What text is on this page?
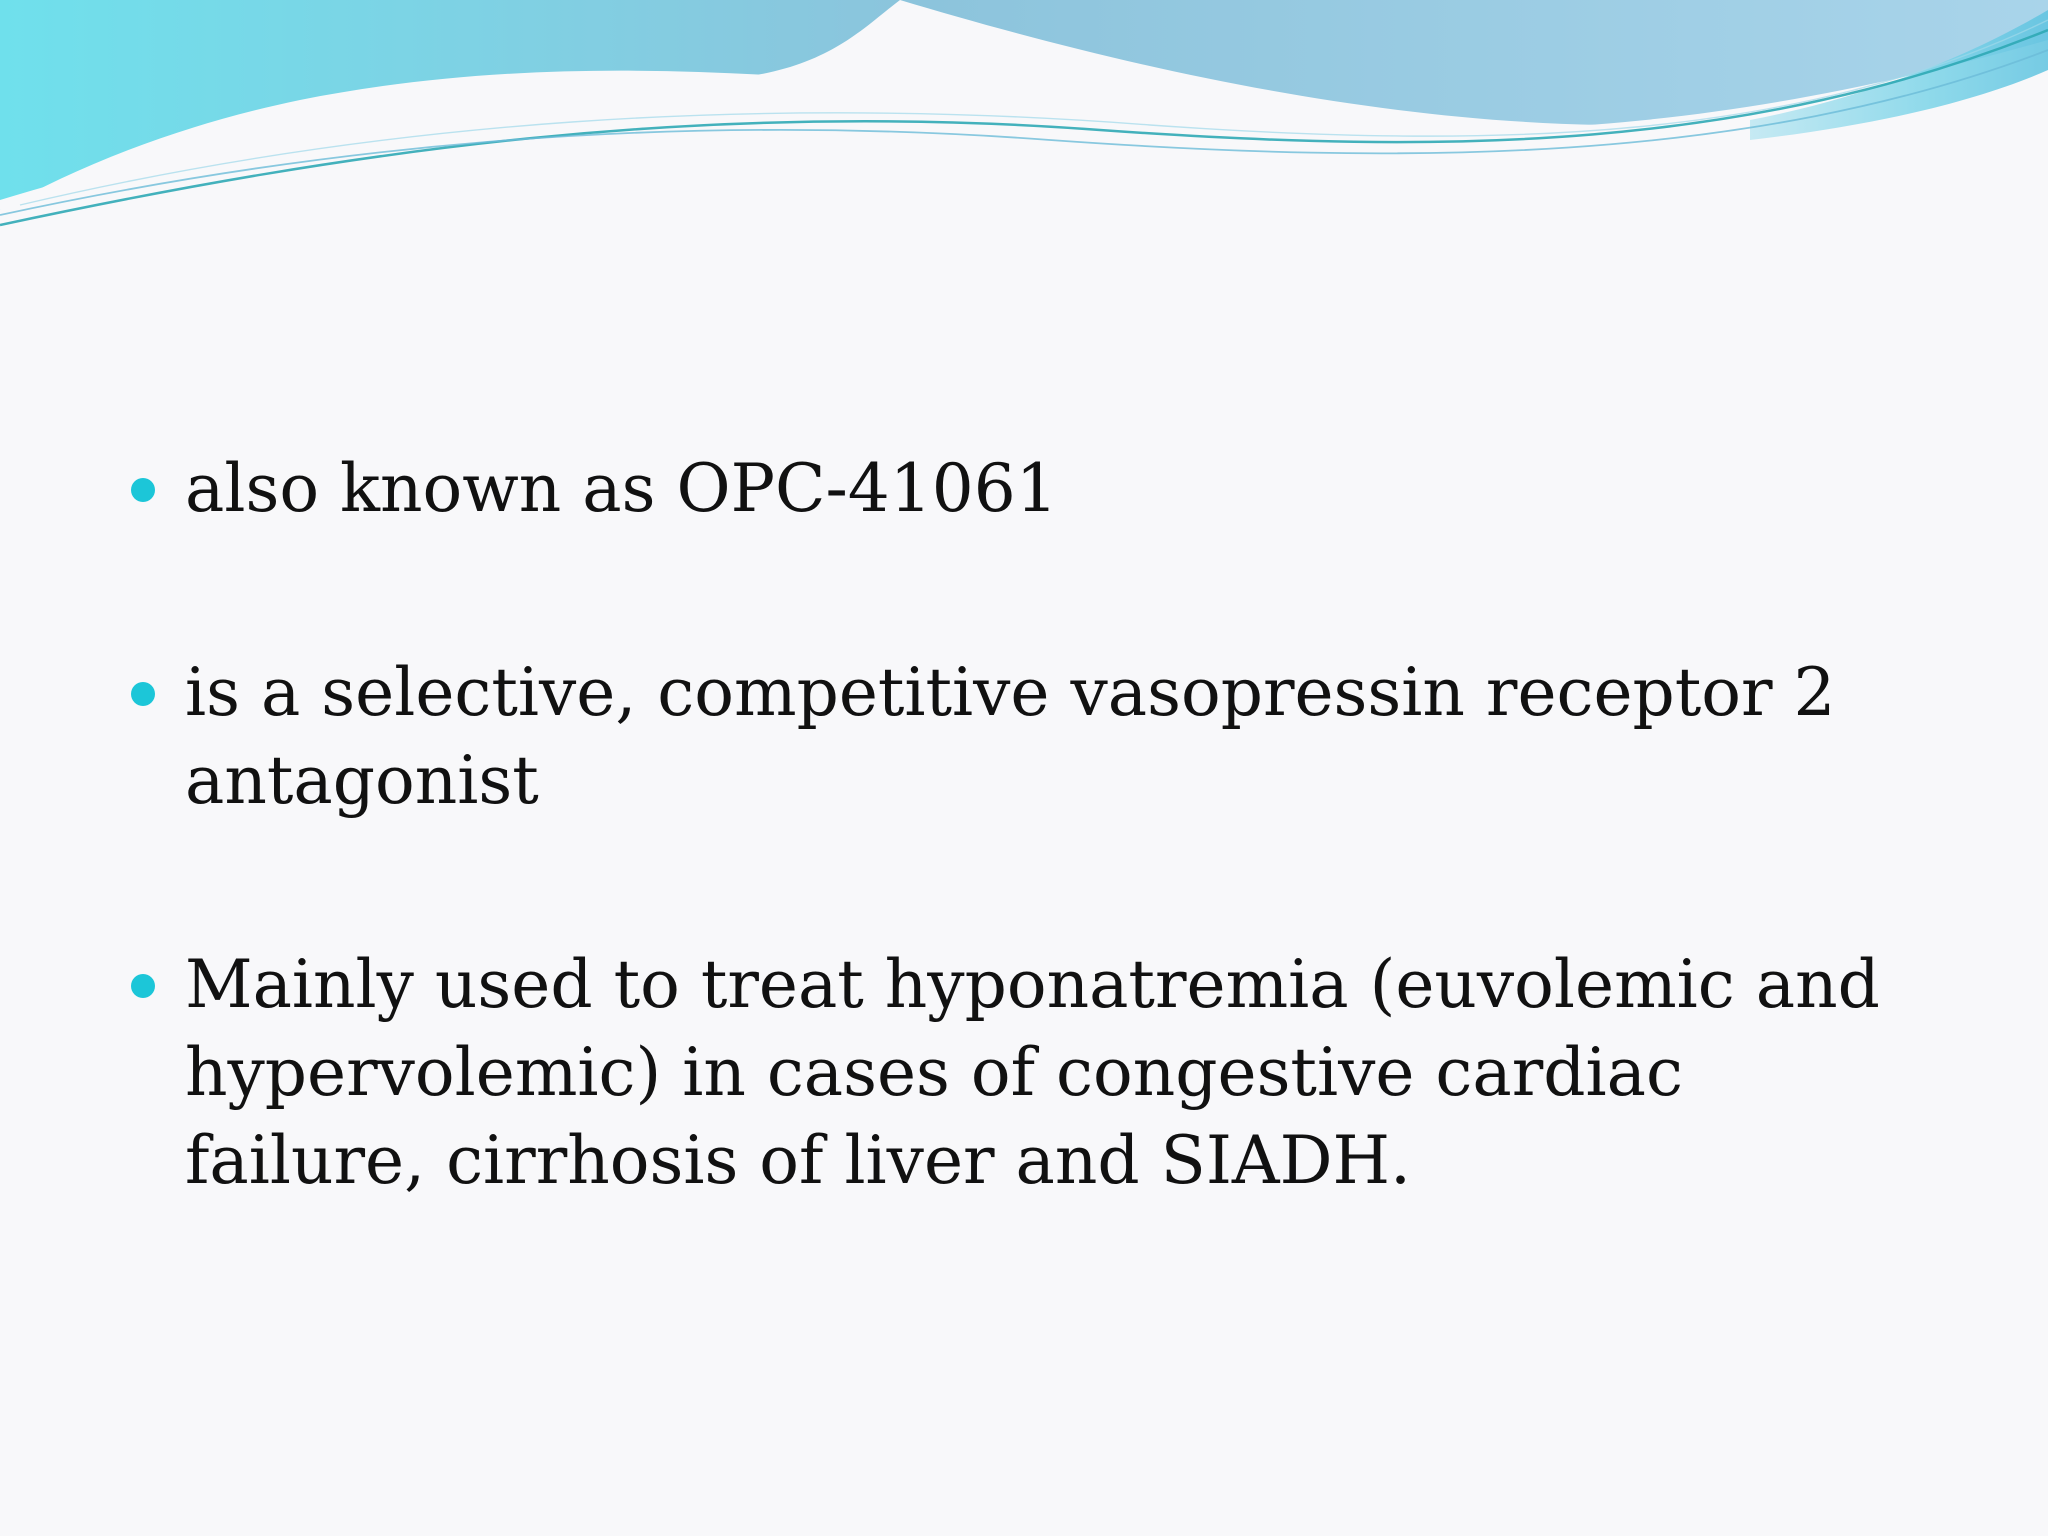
also known as OPC-41061
is a selective, competitive vasopressin receptor 2 antagonist
Mainly used to treat hyponatremia (euvolemic and hypervolemic) in cases of congestive cardiac failure, cirrhosis of liver and SIADH.
